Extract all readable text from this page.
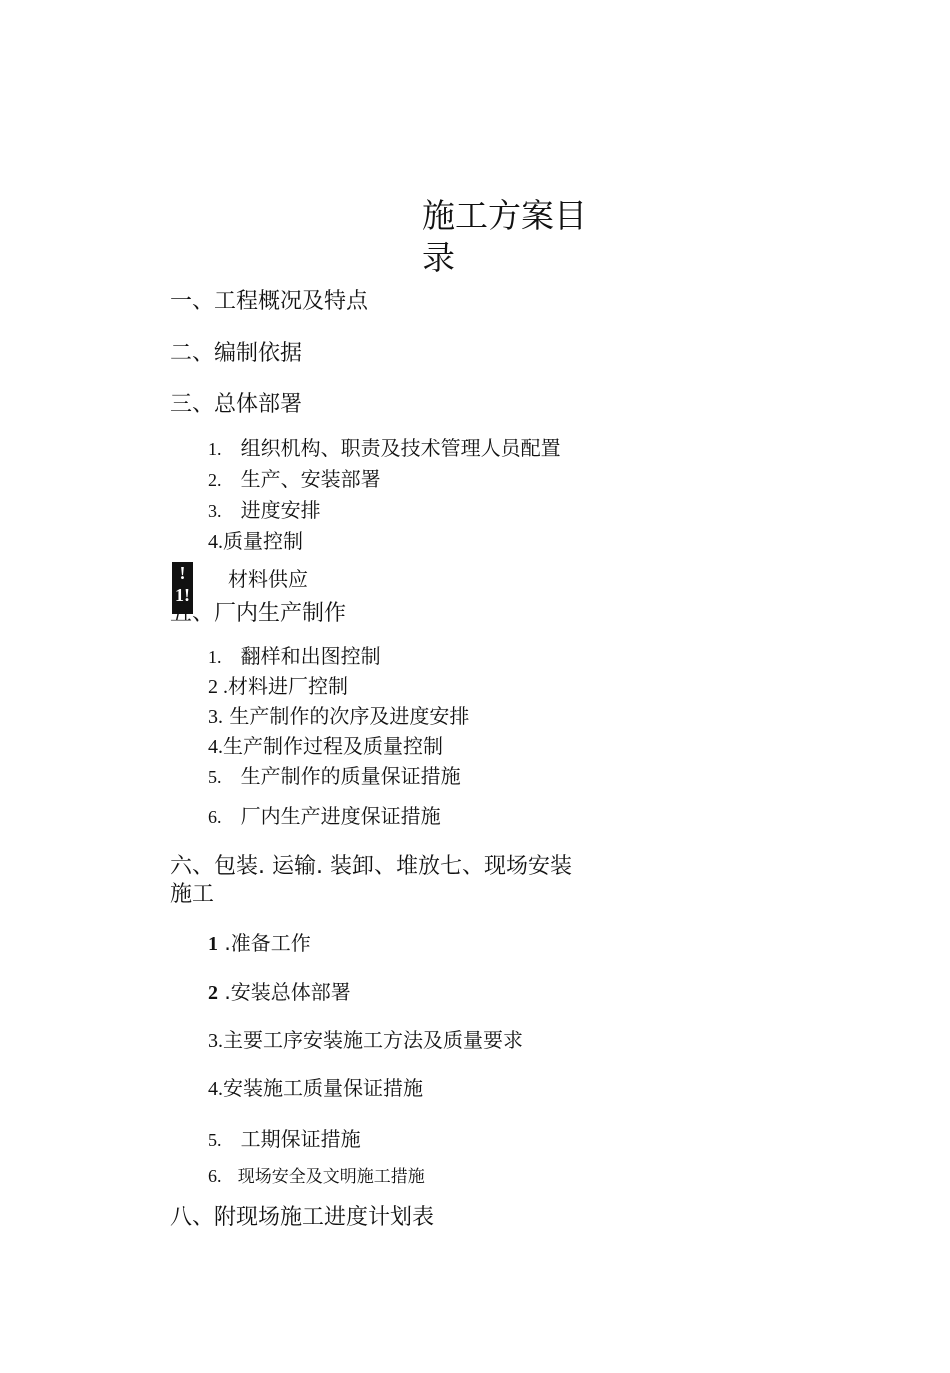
施工方案目
录
一、工程概况及特点
二、编制依据
三、总体部署
1. 组织机构、职责及技术管理人员配置
2. 生产、安装部署
3. 进度安排
4.质量控制
!
1!
材料供应
五、厂内生产制作
1. 翻样和出图控制
2 .材料进厂控制
3. 生产制作的次序及进度安排
4.生产制作过程及质量控制
5. 生产制作的质量保证措施
6. 厂内生产进度保证措施
六、包装. 运输. 装卸、堆放七、现场安装
施工
1 .准备工作
2 .安装总体部署
3.主要工序安装施工方法及质量要求
4.安装施工质量保证措施
5. 工期保证措施
6. 现场安全及文明施工措施
八、附现场施工进度计划表
